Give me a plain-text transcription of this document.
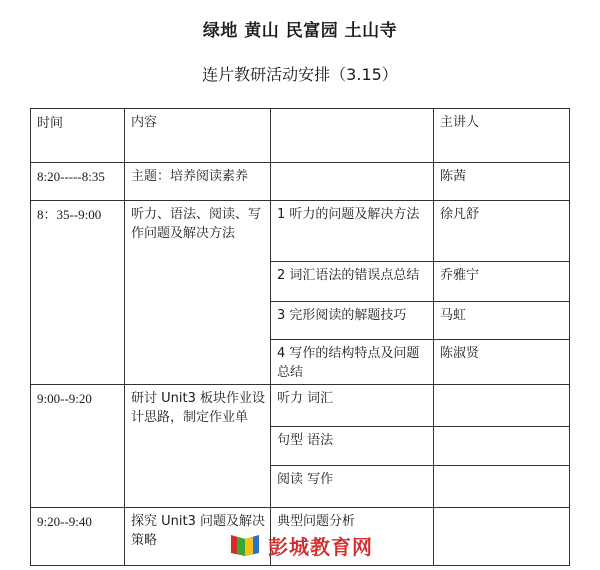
绿地 黄山 民富园 土山寺
连片教研活动安排（3.15）
时间	内容		主讲人
8:20-----8:35	主题：培养阅读素养		陈茜
8：35--9:00	听力、语法、阅读、写作问题及解决方法	1 听力的问题及解决方法	徐凡舒
		2 词汇语法的错误点总结	乔雅宁
		3 完形阅读的解题技巧	马虹
		4 写作的结构特点及问题总结	陈淑贤
9:00--9:20	研讨 Unit3 板块作业设计思路，制定作业单	听力 词汇	
		句型 语法	
		阅读 写作	
9:20--9:40	探究 Unit3 问题及解决策略	典型问题分析	
彭城教育网
